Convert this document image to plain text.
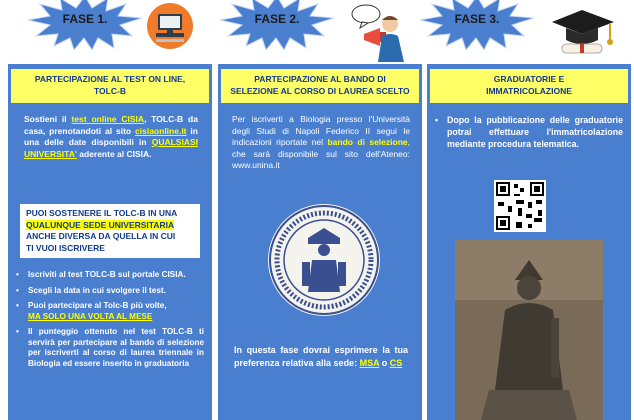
FASE 1.	FASE 2.	FASE 3.
PARTECIPAZIONE AL TEST ON LINE,
TOLC-B
Sostieni il test online CISIA, TOLC-B da casa, prenotandoti al sito cisiaonline.it in una delle date disponibili in QUALSIASI UNIVERSITA' aderente al CISIA.
PUOI SOSTENERE IL TOLC-B IN UNA
QUALUNQUE SEDE UNIVERSITARIA
ANCHE DIVERSA DA QUELLA IN CUI
TI VUOI ISCRIVERE
• Iscriviti al test TOLC-B sul portale CISIA.
• Scegli la data in cui svolgere il test.
• Puoi partecipare al Tolc-B più volte,
MA SOLO UNA VOLTA AL MESE
• Il punteggio ottenuto nel test TOLC-B ti servirà per partecipare al bando di selezione per iscriverti al corso di laurea triennale in Biologia ed essere inserito in graduatoria
PARTECIPAZIONE AL BANDO DI
SELEZIONE AL CORSO DI LAUREA SCELTO
Per iscriverti a Biologia presso l'Università degli Studi di Napoli Federico II segui le indicazioni riportate nel bando di selezione, che sarà disponibile sul sito dell'Ateneo: www.unina.it
In questa fase dovrai esprimere la tua preferenza relativa alla sede: MSA o CS
GRADUATORIE E
IMMATRICOLAZIONE
• Dopo la pubblicazione delle graduatorie potrai effettuare l'immatricolazione mediante procedura telematica.
